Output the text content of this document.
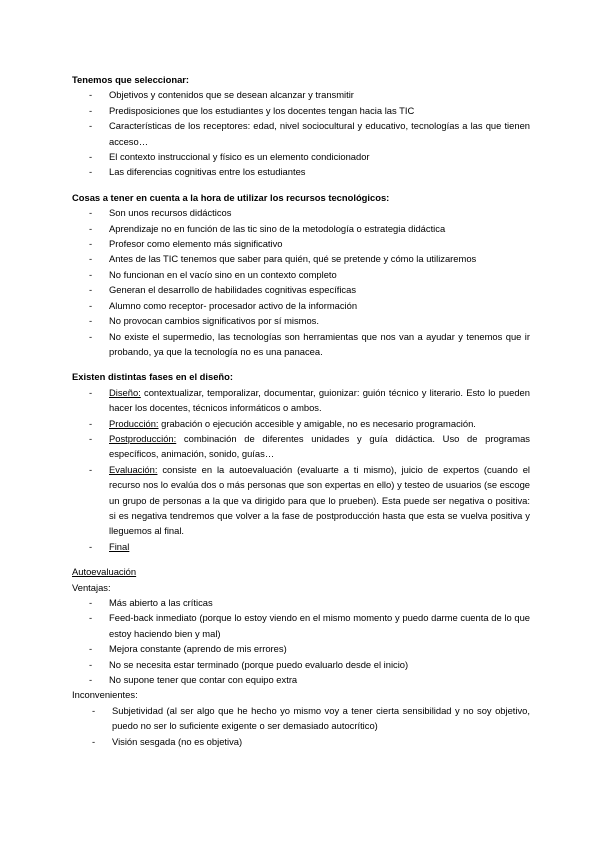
Tenemos que seleccionar:

- Objetivos y contenidos que se desean alcanzar y transmitir
- Predisposiciones que los estudiantes y los docentes tengan hacia las TIC
- Características de los receptores: edad, nivel sociocultural y educativo, tecnologías a las que tienen acceso…
- El contexto instruccional y físico es un elemento condicionador
- Las diferencias cognitivas entre los estudiantes

Cosas a tener en cuenta a la hora de utilizar los recursos tecnológicos:

- Son unos recursos didácticos
- Aprendizaje no en función de las tic sino de la metodología o estrategia didáctica
- Profesor como elemento más significativo
- Antes de las TIC tenemos que saber para quién, qué se pretende y cómo la utilizaremos
- No funcionan en el vacío sino en un contexto completo
- Generan el desarrollo de habilidades cognitivas específicas
- Alumno como receptor- procesador activo de la información
- No provocan cambios significativos por sí mismos.
- No existe el supermedio, las tecnologías son herramientas que nos van a ayudar y tenemos que ir probando, ya que la tecnología no es una panacea.

Existen distintas fases en el diseño:

- Diseño: contextualizar, temporalizar, documentar, guionizar: guión técnico y literario. Esto lo pueden hacer los docentes, técnicos informáticos o ambos.
- Producción: grabación o ejecución accesible y amigable, no es necesario programación.
- Postproducción: combinación de diferentes unidades y guía didáctica. Uso de programas específicos, animación, sonido, guías…
- Evaluación: consiste en la autoevaluación (evaluarte a ti mismo), juicio de expertos (cuando el recurso nos lo evalúa dos o más personas que son expertas en ello) y testeo de usuarios (se escoge un grupo de personas a la que va dirigido para que lo prueben). Esta puede ser negativa o positiva: si es negativa tendremos que volver a la fase de postproducción hasta que esta se vuelva positiva y lleguemos al final.
- Final

Autoevaluación

Ventajas:

- Más abierto a las críticas
- Feed-back inmediato (porque lo estoy viendo en el mismo momento y puedo darme cuenta de lo que estoy haciendo bien y mal)
- Mejora constante (aprendo de mis errores)
- No se necesita estar terminado (porque puedo evaluarlo desde el inicio)
- No supone tener que contar con equipo extra

Inconvenientes:

- Subjetividad (al ser algo que he hecho yo mismo voy a tener cierta sensibilidad y no soy objetivo, puedo no ser lo suficiente exigente o ser demasiado autocrítico)
- Visión sesgada (no es objetiva)
